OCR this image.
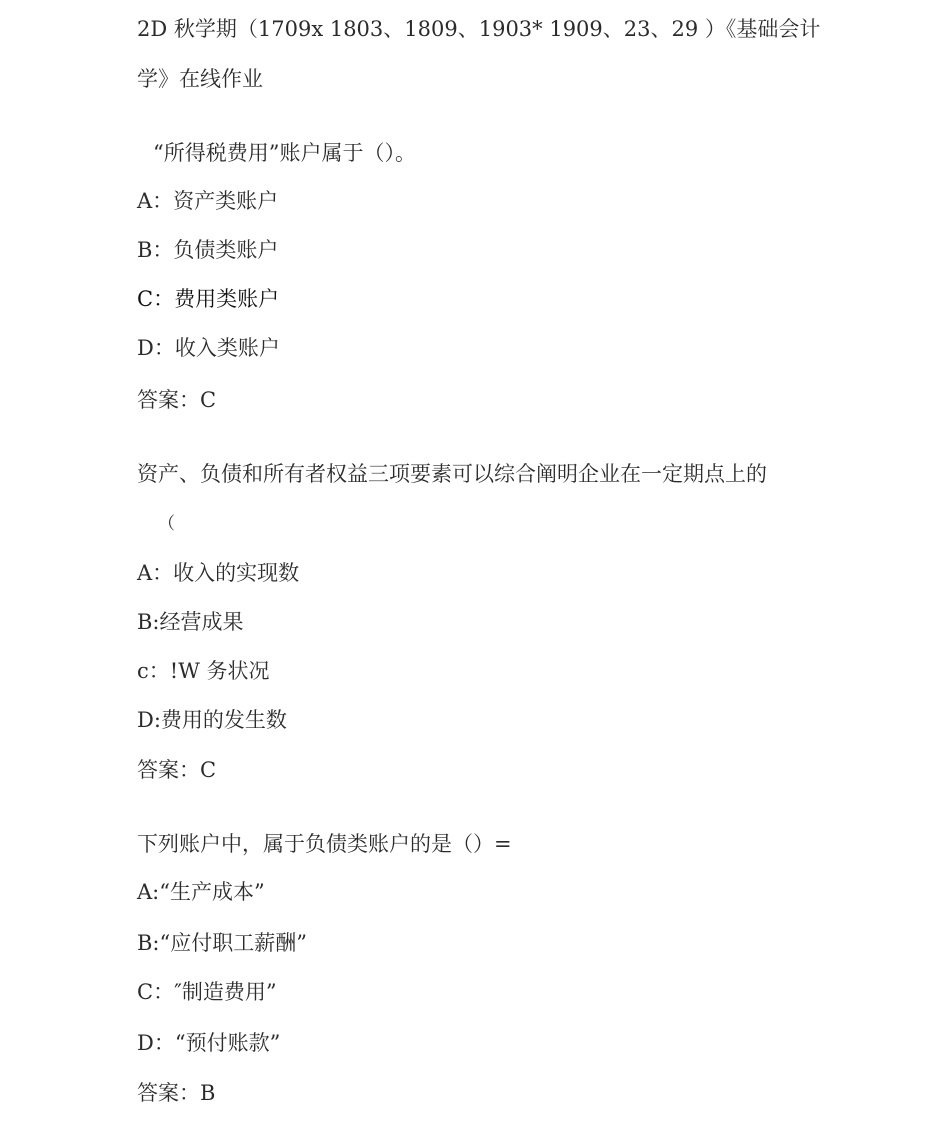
2D 秋学期（1709x 1803、1809、1903* 1909、23、29 ）《基础会计
学》在线作业
“所得税费用”账户属于（）。
A：资产类账户
B：负债类账户
C：费用类账户
D：收入类账户
答案：C
资产、负债和所有者权益三项要素可以综合阐明企业在一定期点上的
（
A：收入的实现数
B:经营成果
c：!W 务状况
D:费用的发生数
答案：C
下列账户中，属于负债类账户的是（）=
A:“生产成本”
B:“应付职工薪酬”
C：″制造费用”
D：“预付账款”
答案：B
